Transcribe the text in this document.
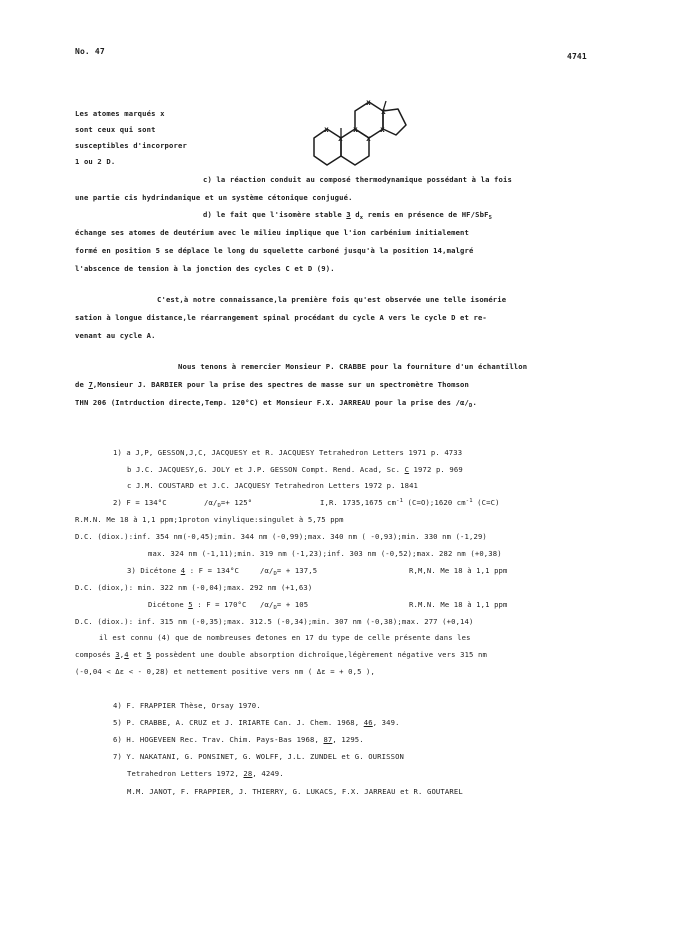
No. 47
4741
Les atomes marqués x
sont ceux qui sont
susceptibles d'incorporer
1 ou 2 D.
x
x
x
x
x
x
x
c) la réaction conduit au composé thermodynamique possédant à la fois
une partie cis hydrindanique et un système cétonique conjugué.
d) le fait que l'isomère stable 3 $d_x$ remis en présence de HF/SbF$_5$
échange ses atomes de deutérium avec le milieu implique que l'ion carbénium initialement
formé en position 5 se déplace le long du squelette carboné jusqu'à la position 14,malgré
l'abscence de tension à la jonction des cycles C et D (9).
C'est,à notre connaissance,la première fois qu'est observée une telle isomérie
sation à longue distance,le réarrangement spinal procédant du cycle A vers le cycle D et re-
venant au cycle A.
Nous tenons à remercier Monsieur P. CRABBE pour la fourniture d'un échantillon
de 7,Monsieur J. BARBIER pour la prise des spectres de masse sur un spectromètre Thomson
THN 206 (Intrduction directe,Temp. 120°C) et Monsieur F.X. JARREAU pour la prise des $/\alpha/_D$.
1) a J,P, GESSON,J,C, JACQUESY et R. JACQUESY Tetrahedron Letters 1971 p. 4733
b J.C. JACQUESY,G. JOLY et J.P. GESSON Compt. Rend. Acad, Sc. C 1972 p. 969
c J.M. COUSTARD et J.C. JACQUESY Tetrahedron Letters 1972 p. 1841
2) F = 134°C	$/\alpha/_D=+ 125^\circ$	I,R. 1735,1675 $cm^{-1}$ (C=O);1620 $cm^{-1}$ (C=C)
R.M.N. Me 18 à 1,1 ppm;1proton vinyliquе:singulet à 5,75 ppm
D.C. (diox.):inf. 354 nm(-0,45);min. 344 nm (-0,99);max. 340 nm ( -0,93);min. 330 nm (-1,29)
max. 324 nm (-1,11);min. 319 nm (-1,23);inf. 303 nm (-0,52);max. 282 nm (+0,38)
3) Dicétone 4 : F = 134°C	$/\alpha/_D= + 137,5$	R,M,N. Me 18 à 1,1 ppm
D.C. (diox,): min. 322 nm (-0,04);max. 292 nm (+1,63)
Dicétone 5 : F = 170°C $/\alpha/_D= + 105$	R.M.N. Me 18 à 1,1 ppm
D.C. (diox.): inf. 315 nm (-0,35);max. 312.5 (-0,34);min. 307 nm (-0,38);max. 277 (+0,14)
il est connu (4) que de nombreuses đetones en 17 du type de celle présente dans les
composés 3,4 et 5 possèdent une double absorption dichroïque,légèrement négative vers 315 nm
(-0,04 < Δε < - 0,28) et nettement positive vers nm ( Δε = + 0,5 ),
4) F. FRAPPIER Thèse, Orsay 1970.
5) P. CRABBE, A. CRUZ et J. IRIARTE Can. J. Chem. 1968, 46, 349.
6) H. HOGEVEEN Rec. Trav. Chim. Pays-Bas 1968, 87, 1295.
7) Y. NAKATANI, G. PONSINET, G. WOLFF, J.L. ZUNDEL et G. OURISSON
Tetrahedron Letters 1972, 28, 4249.
M.M. JANOT, F. FRAPPIER, J. THIERRY, G. LUKACS, F.X. JARREAU et R. GOUTAREL
